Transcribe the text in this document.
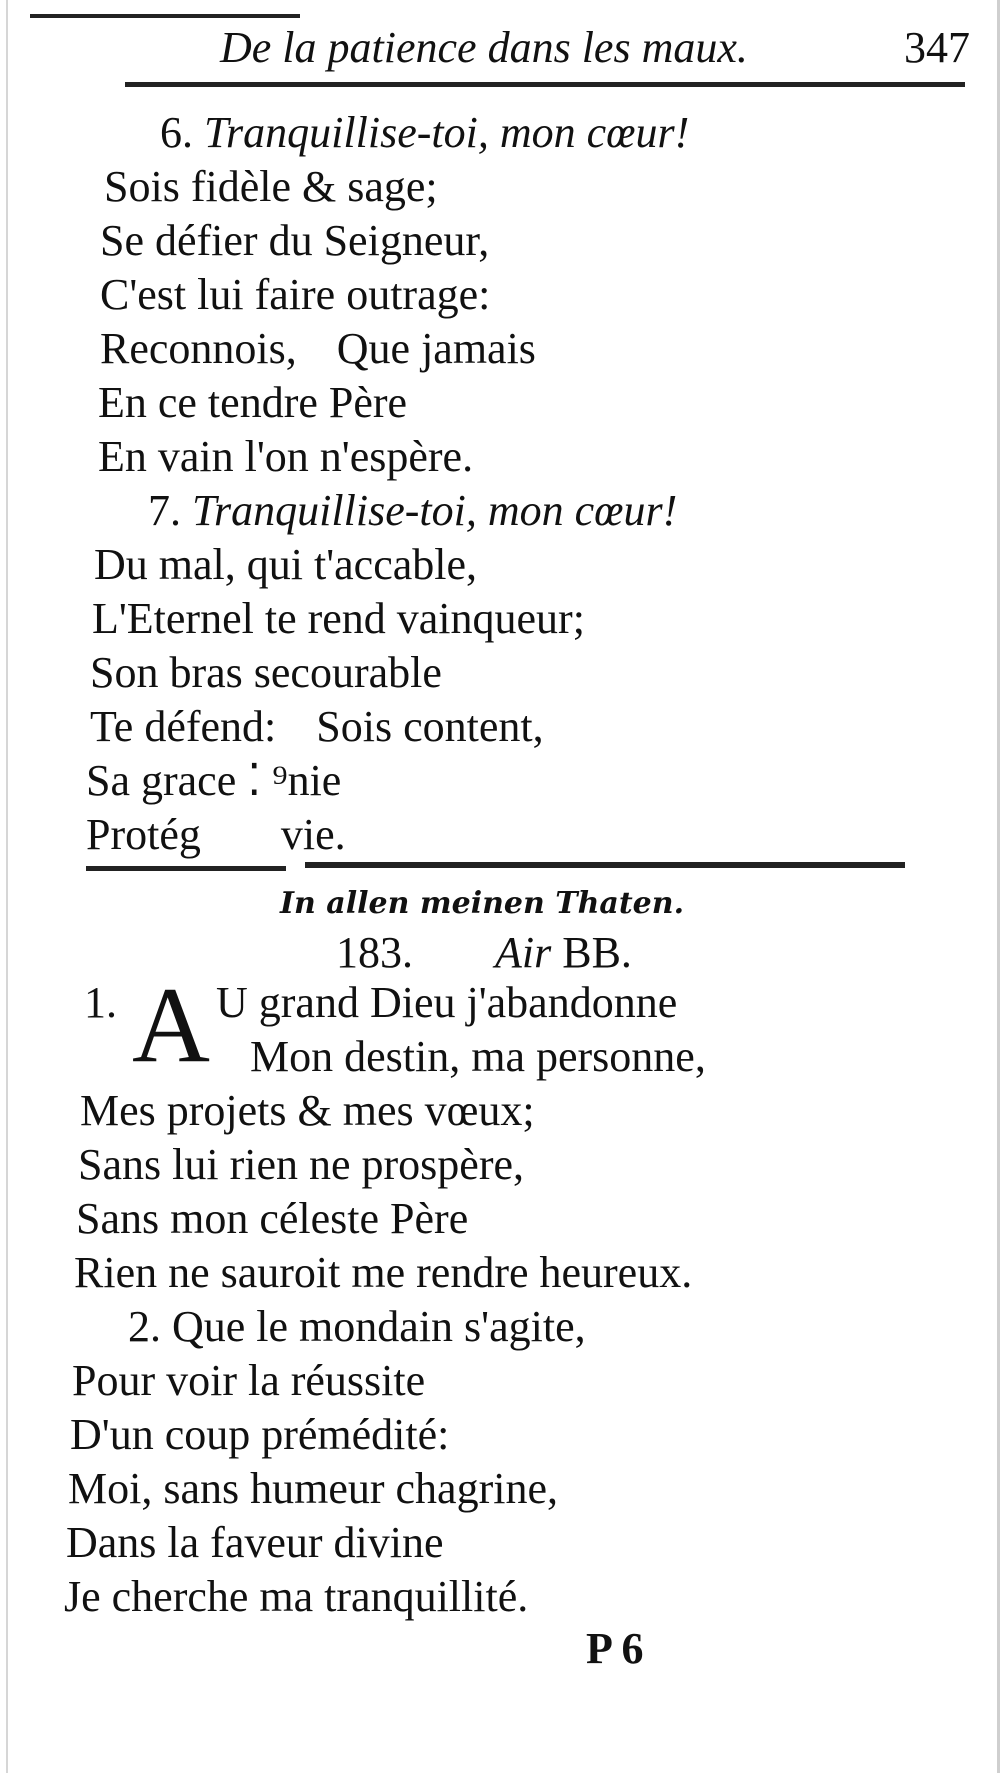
De la patience dans les maux.	347
6. Tranquillise-toi, mon cœur!
Sois fidèle & sage;
Se défier du Seigneur,
C'est lui faire outrage:
Reconnois, Que jamais
En ce tendre Père
En vain l'on n'espère.
7. Tranquillise-toi, mon cœur!
Du mal, qui t'accable,
L'Eternel te rend vainqueur;
Son bras secourable
Te défend: Sois content,
Sa grace ⁚ ⁹nie
Protég vie.
In allen meinen Thaten.
183. Air BB.
1. A U grand Dieu j'abandonne
Mon destin, ma personne,
Mes projets & mes vœux;
Sans lui rien ne prospère,
Sans mon céleste Père
Rien ne sauroit me rendre heureux.
2. Que le mondain s'agite,
Pour voir la réussite
D'un coup prémédité:
Moi, sans humeur chagrine,
Dans la faveur divine
Je cherche ma tranquillité.
P 6
